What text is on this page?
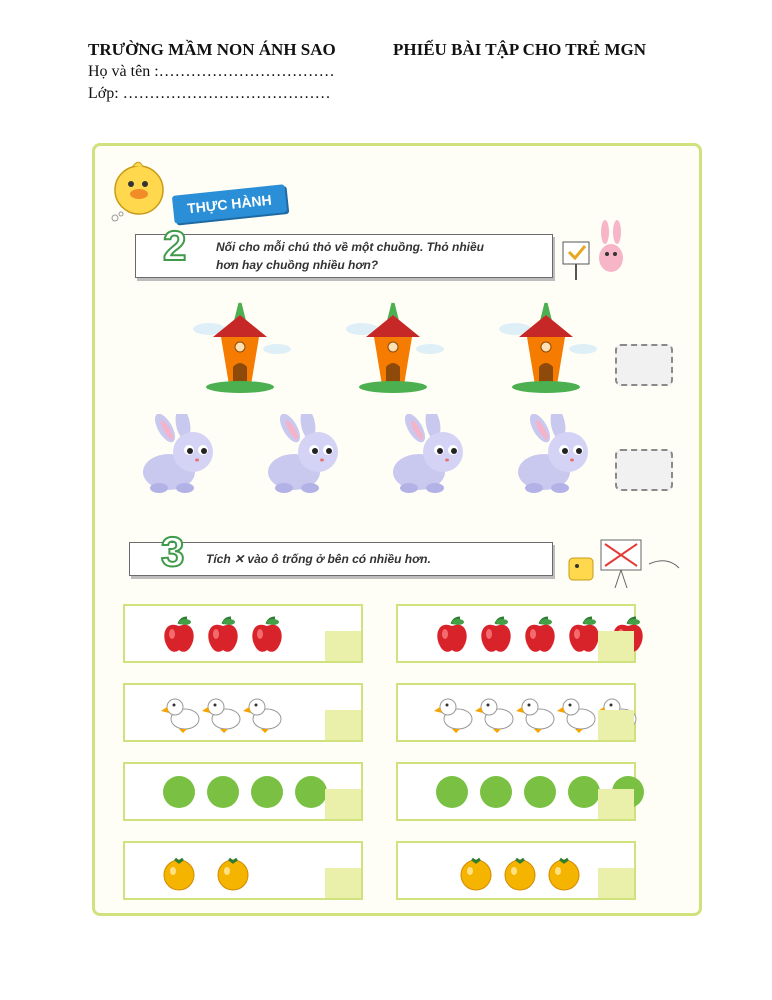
TRƯỜNG MẦM NON ÁNH SAO	PHIẾU BÀI TẬP CHO TRẺ MGN
Họ và tên :……………………………
Lớp: …………………………………
THỰC HÀNH
Nối cho mỗi chú thỏ về một chuồng. Thỏ nhiều
hơn hay chuồng nhiều hơn?
2
Tích ✕ vào ô trống ở bên có nhiều hơn.
3
